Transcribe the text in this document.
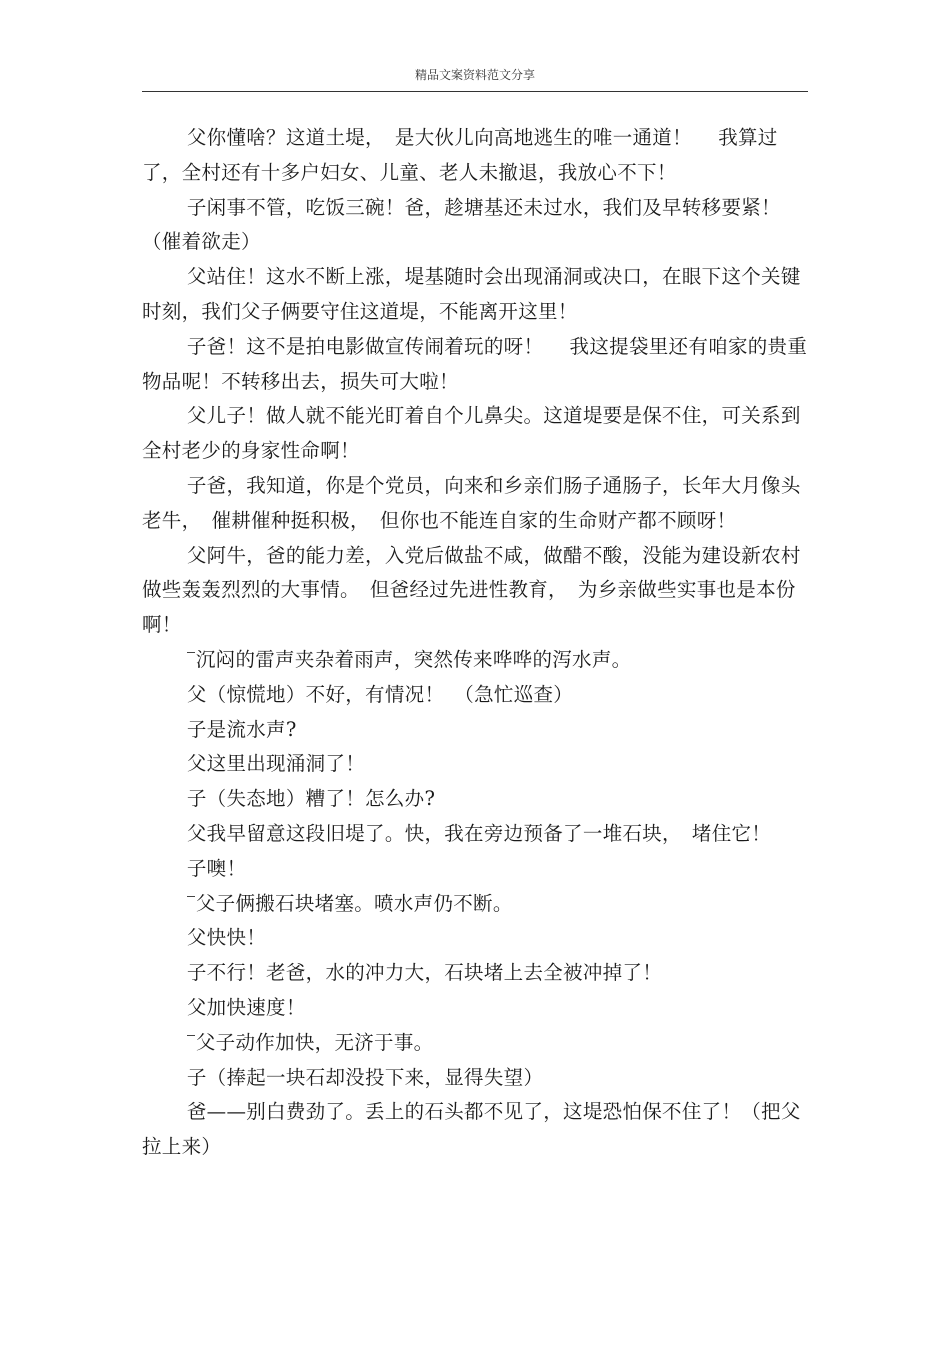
精品文案资料范文分享

父你懂啥？这道土堤，　是大伙儿向高地逃生的唯一通道！　 我算过了，全村还有十多户妇女、儿童、老人未撤退，我放心不下！

子闲事不管，吃饭三碗！爸，趁塘基还未过水，我们及早转移要紧！（催着欲走）

父站住！这水不断上涨，堤基随时会出现涌洞或决口，在眼下这个关键时刻，我们父子俩要守住这道堤，不能离开这里！

子爸！这不是拍电影做宣传闹着玩的呀！　 我这提袋里还有咱家的贵重物品呢！不转移出去，损失可大啦！

父儿子！做人就不能光盯着自个儿鼻尖。这道堤要是保不住，可关系到全村老少的身家性命啊！

子爸，我知道，你是个党员，向来和乡亲们肠子通肠子，长年大月像头老牛，　催耕催种挺积极，　但你也不能连自家的生命财产都不顾呀！

父阿牛，爸的能力差，入党后做盐不咸，做醋不酸，没能为建设新农村做些轰轰烈烈的大事情。　但爸经过先进性教育，　为乡亲做些实事也是本份啊！

沉闷的雷声夹杂着雨声，突然传来哗哗的泻水声。

父（惊慌地）不好，有情况！　（急忙巡查）

子是流水声?

父这里出现涌洞了！

子（失态地）糟了！怎么办?

父我早留意这段旧堤了。快，我在旁边预备了一堆石块，　堵住它！

子噢！

父子俩搬石块堵塞。喷水声仍不断。

父快快！

子不行！老爸，水的冲力大，石块堵上去全被冲掉了！

父加快速度！

父子动作加快，无济于事。

子（捧起一块石却没投下来，显得失望）

爸——别白费劲了。丢上的石头都不见了，这堤恐怕保不住了！（把父拉上来）
